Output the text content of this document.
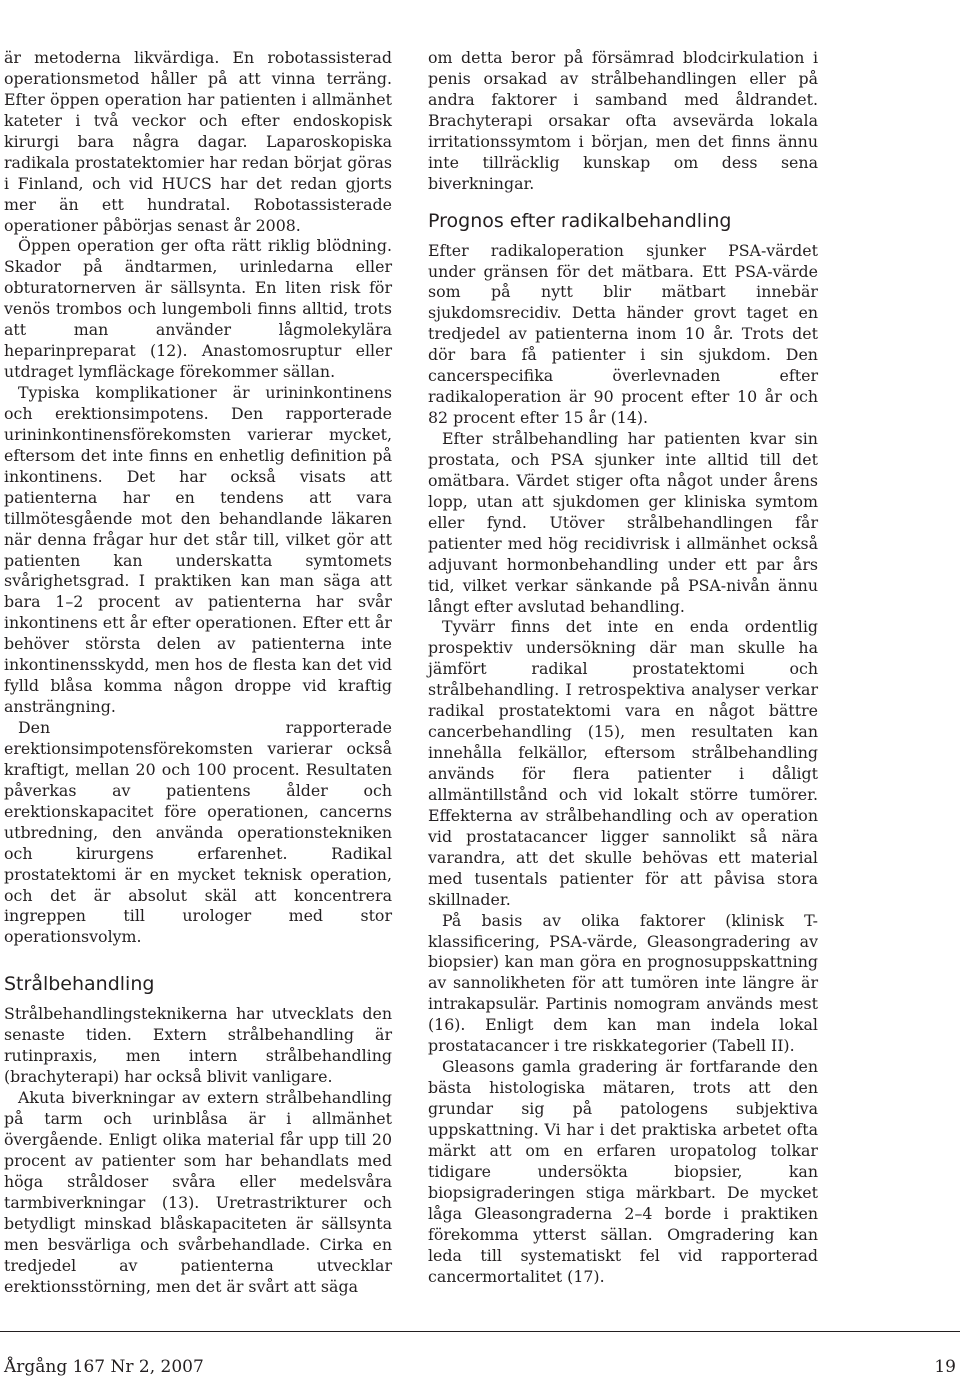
är metoderna likvärdiga. En robotassisterad operationsmetod håller på att vinna terräng. Efter öppen operation har patienten i allmänhet kateter i två veckor och efter endoskopisk kirurgi bara några dagar. Laparoskopiska radikala prostatektomier har redan börjat göras i Finland, och vid HUCS har det redan gjorts mer än ett hundratal. Robotassisterade operationer påbörjas senast år 2008.

Öppen operation ger ofta rätt riklig blödning. Skador på ändtarmen, urinledarna eller obturatornerven är sällsynta. En liten risk för venös trombos och lungemboli finns alltid, trots att man använder lågmolekylära heparinpreparat (12). Anastomosruptur eller utdraget lymfläckage förekommer sällan.

Typiska komplikationer är urininkontinens och erektionsimpotens. Den rapporterade urininkontinensförekomsten varierar mycket, eftersom det inte finns en enhetlig definition på inkontinens. Det har också visats att patienterna har en tendens att vara tillmötesgående mot den behandlande läkaren när denna frågar hur det står till, vilket gör att patienten kan underskatta symtomets svårighetsgrad. I praktiken kan man säga att bara 1–2 procent av patienterna har svår inkontinens ett år efter operationen. Efter ett år behöver största delen av patienterna inte inkontinensskydd, men hos de flesta kan det vid fylld blåsa komma någon droppe vid kraftig ansträngning.

Den rapporterade erektionsimpotensförekomsten varierar också kraftigt, mellan 20 och 100 procent. Resultaten påverkas av patientens ålder och erektionskapacitet före operationen, cancerns utbredning, den använda operationstekniken och kirurgens erfarenhet. Radikal prostatektomi är en mycket teknisk operation, och det är absolut skäl att koncentrera ingreppen till urologer med stor operationsvolym.

Strålbehandling

Strålbehandlingsteknikerna har utvecklats den senaste tiden. Extern strålbehandling är rutinpraxis, men intern strålbehandling (brachyterapi) har också blivit vanligare.

Akuta biverkningar av extern strålbehandling på tarm och urinblåsa är i allmänhet övergående. Enligt olika material får upp till 20 procent av patienter som har behandlats med höga stråldoser svåra eller medelsvåra tarmbiverkningar (13). Uretrastrikturer och betydligt minskad blåskapaciteten är sällsynta men besvärliga och svårbehandlade. Cirka en tredjedel av patienterna utvecklar erektionsstörning, men det är svårt att säga

om detta beror på försämrad blodcirkulation i penis orsakad av strålbehandlingen eller på andra faktorer i samband med åldrandet. Brachyterapi orsakar ofta avsevärda lokala irritationssymtom i början, men det finns ännu inte tillräcklig kunskap om dess sena biverkningar.

Prognos efter radikalbehandling

Efter radikaloperation sjunker PSA-värdet under gränsen för det mätbara. Ett PSA-värde som på nytt blir mätbart innebär sjukdomsrecidiv. Detta händer grovt taget en tredjedel av patienterna inom 10 år. Trots det dör bara få patienter i sin sjukdom. Den cancerspecifika överlevnaden efter radikaloperation är 90 procent efter 10 år och 82 procent efter 15 år (14).

Efter strålbehandling har patienten kvar sin prostata, och PSA sjunker inte alltid till det omätbara. Värdet stiger ofta något under årens lopp, utan att sjukdomen ger kliniska symtom eller fynd. Utöver strålbehandlingen får patienter med hög recidivrisk i allmänhet också adjuvant hormonbehandling under ett par års tid, vilket verkar sänkande på PSA-nivån ännu långt efter avslutad behandling.

Tyvärr finns det inte en enda ordentlig prospektiv undersökning där man skulle ha jämfört radikal prostatektomi och strålbehandling. I retrospektiva analyser verkar radikal prostatektomi vara en något bättre cancerbehandling (15), men resultaten kan innehålla felkällor, eftersom strålbehandling används för flera patienter i dåligt allmäntillstånd och vid lokalt större tumörer. Effekterna av strålbehandling och av operation vid prostatacancer ligger sannolikt så nära varandra, att det skulle behövas ett material med tusentals patienter för att påvisa stora skillnader.

På basis av olika faktorer (klinisk T-klassificering, PSA-värde, Gleasongradering av biopsier) kan man göra en prognosuppskattning av sannolikheten för att tumören inte längre är intrakapsulär. Partinis nomogram används mest (16). Enligt dem kan man indela lokal prostatacancer i tre riskkategorier (Tabell II).

Gleasons gamla gradering är fortfarande den bästa histologiska mätaren, trots att den grundar sig på patologens subjektiva uppskattning. Vi har i det praktiska arbetet ofta märkt att om en erfaren uropatolog tolkar tidigare undersökta biopsier, kan biopsigraderingen stiga märkbart. De mycket låga Gleasongraderna 2–4 borde i praktiken förekomma ytterst sällan. Omgradering kan leda till systematiskt fel vid rapporterad cancermortalitet (17).

Årgång 167 Nr 2, 2007	19
